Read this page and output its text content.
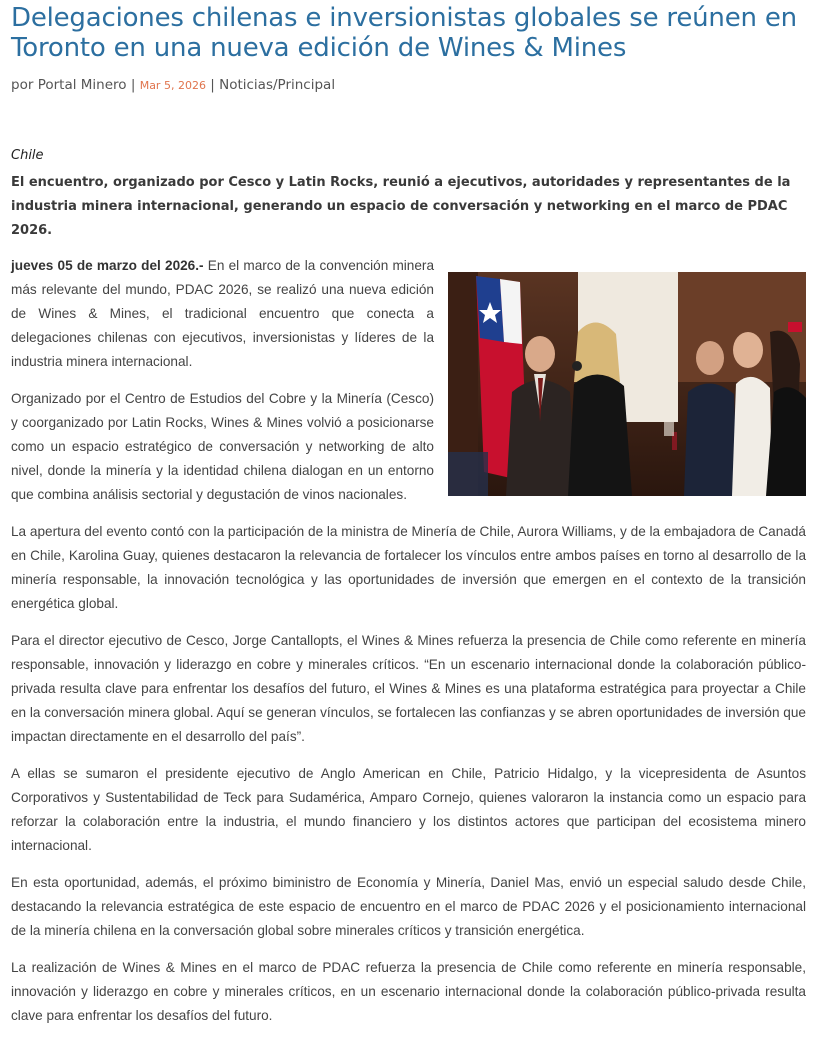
Delegaciones chilenas e inversionistas globales se reúnen en Toronto en una nueva edición de Wines & Mines
por Portal Minero | Mar 5, 2026 | Noticias/Principal
Chile
El encuentro, organizado por Cesco y Latin Rocks, reunió a ejecutivos, autoridades y representantes de la industria minera internacional, generando un espacio de conversación y networking en el marco de PDAC 2026.

jueves 05 de marzo del 2026.- En el marco de la convención minera más relevante del mundo, PDAC 2026, se realizó una nueva edición de Wines & Mines, el tradicional encuentro que conecta a delegaciones chilenas con ejecutivos, inversionistas y líderes de la industria minera internacional.

Organizado por el Centro de Estudios del Cobre y la Minería (Cesco) y coorganizado por Latin Rocks, Wines & Mines volvió a posicionarse como un espacio estratégico de conversación y networking de alto nivel, donde la minería y la identidad chilena dialogan en un entorno que combina análisis sectorial y degustación de vinos nacionales.

La apertura del evento contó con la participación de la ministra de Minería de Chile, Aurora Williams, y de la embajadora de Canadá en Chile, Karolina Guay, quienes destacaron la relevancia de fortalecer los vínculos entre ambos países en torno al desarrollo de la minería responsable, la innovación tecnológica y las oportunidades de inversión que emergen en el contexto de la transición energética global.

Para el director ejecutivo de Cesco, Jorge Cantallopts, el Wines & Mines refuerza la presencia de Chile como referente en minería responsable, innovación y liderazgo en cobre y minerales críticos. “En un escenario internacional donde la colaboración público-privada resulta clave para enfrentar los desafíos del futuro, el Wines & Mines es una plataforma estratégica para proyectar a Chile en la conversación minera global. Aquí se generan vínculos, se fortalecen las confianzas y se abren oportunidades de inversión que impactan directamente en el desarrollo del país”.

A ellas se sumaron el presidente ejecutivo de Anglo American en Chile, Patricio Hidalgo, y la vicepresidenta de Asuntos Corporativos y Sustentabilidad de Teck para Sudamérica, Amparo Cornejo, quienes valoraron la instancia como un espacio para reforzar la colaboración entre la industria, el mundo financiero y los distintos actores que participan del ecosistema minero internacional.

En esta oportunidad, además, el próximo biministro de Economía y Minería, Daniel Mas, envió un especial saludo desde Chile, destacando la relevancia estratégica de este espacio de encuentro en el marco de PDAC 2026 y el posicionamiento internacional de la minería chilena en la conversación global sobre minerales críticos y transición energética.

La realización de Wines & Mines en el marco de PDAC refuerza la presencia de Chile como referente en minería responsable, innovación y liderazgo en cobre y minerales críticos, en un escenario internacional donde la colaboración público-privada resulta clave para enfrentar los desafíos del futuro.
